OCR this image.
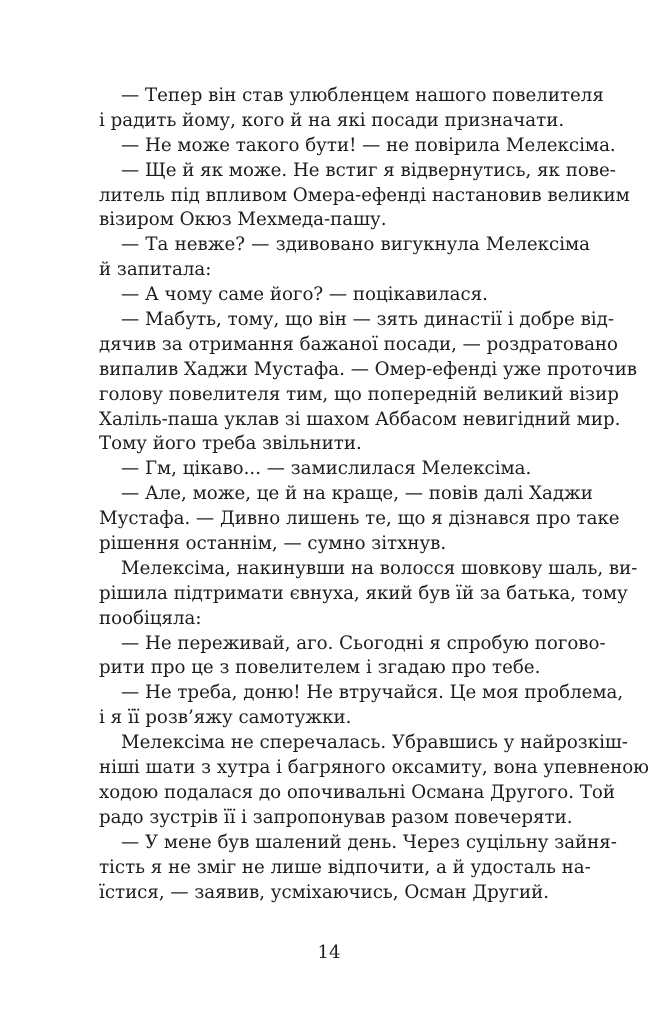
— Тепер він став улюбленцем нашого повелителя
і радить йому, кого й на які посади призначати.

— Не може такого бути! — не повірила Мелексіма.

— Ще й як може. Не встиг я відвернутись, як пове-
литель під впливом Омера-ефенді настановив великим
візиром Окюз Мехмеда-пашу.

— Та невже? — здивовано вигукнула Мелексіма
й запитала:

— А чому саме його? — поцікавилася.

— Мабуть, тому, що він — зять династії і добре від-
дячив за отримання бажаної посади, — роздратовано
випалив Хаджи Мустафа. — Омер-ефенді уже проточив
голову повелителя тим, що попередній великий візир
Халіль-паша уклав зі шахом Аббасом невигідний мир.
Тому його треба звільнити.

— Гм, цікаво... — замислилася Мелексіма.

— Але, може, це й на краще, — повів далі Хаджи
Мустафа. — Дивно лишень те, що я дізнався про таке
рішення останнім, — сумно зітхнув.

Мелексіма, накинувши на волосся шовкову шаль, ви-
рішила підтримати євнуха, який був їй за батька, тому
пообіцяла:

— Не переживай, аго. Сьогодні я спробую погово-
рити про це з повелителем і згадаю про тебе.

— Не треба, доню! Не втручайся. Це моя проблема,
і я її розв’яжу самотужки.

Мелексіма не сперечалась. Убравшись у найрозкіш-
ніші шати з хутра і багряного оксамиту, вона упевненою
ходою подалася до опочивальні Османа Другого. Той
радо зустрів її і запропонував разом повечеряти.

— У мене був шалений день. Через суцільну зайня-
тість я не зміг не лише відпочити, а й удосталь на-
їстися, — заявив, усміхаючись, Осман Другий.

14
